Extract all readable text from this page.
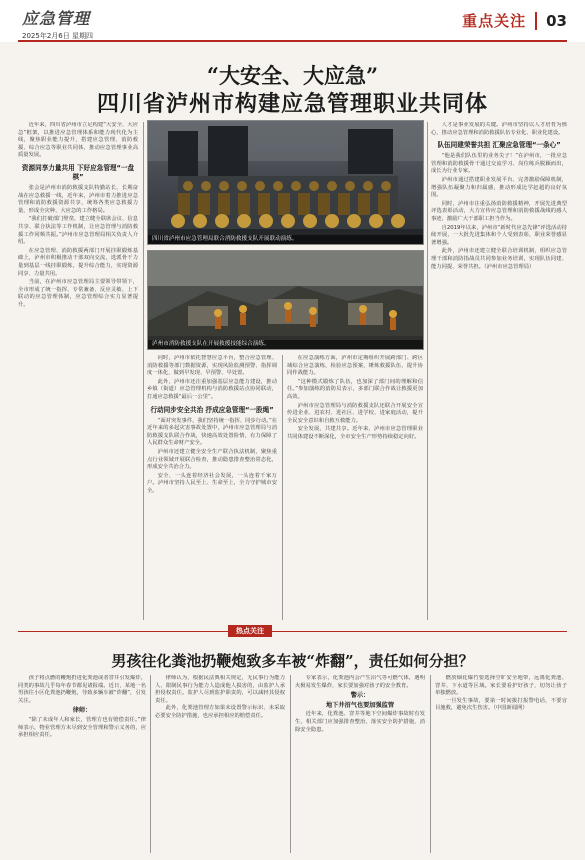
应急管理
2025年2月6日 星期四
重点关注 03
“大安全、大应急”
四川省泸州市构建应急管理职业共同体

近年来，四川省泸州市立足构建“大安全、大应急”框架，以推进应急管理体系和能力现代化为主线，聚焦职业能力提升，搭建应急管理、消防救援、综合应急等职业共同体，推动应急管理事业高质量发展。

资源同享力量共用 下好应急管理“一盘棋”

张会是泸州市消防救援支队特勤站长，长期奋战在应急救援一线，近年来，泸州市着力推进应急管理和消防救援资源共享，统筹各类应急救援力量，形成全灾种、大应急的工作格局。

“我们打破部门壁垒，建立健全联席会议、信息共享、联合执法等工作机制，让应急管理与消防救援工作同频共振。”泸州市应急管理局相关负责人介绍。

在应急管理、消防救援两部门开展挂职锻炼基础上，泸州市积极推动干部双向交流，选派骨干力量到基层一线挂职锻炼，提升综合能力，实现资源同享、力量共用。

当前，在泸州市应急管理局主要领导带领下，全市形成了统一指挥、专常兼备、反应灵敏、上下联动的应急管理体制，应急管理综合实力显著提升。

四川省泸州市应急管理局联合消防救援支队开展联动演练。

人才是事业发展的关键。泸州市坚持以人才培育为核心，推动应急管理和消防救援队伍专业化、职业化建设。

队伍同建荣誉共担 汇聚应急管理“一条心”

“他是我们队伍里的业务尖子！”在泸州市，一批应急管理和消防救援骨干通过交流学习、岗位练兵脱颖而出，成长为行业专家。

泸州市通过搭建职业发展平台、完善激励保障机制，增强队伍凝聚力和归属感，推动形成比学赶超的良好氛围。

同时，泸州市注重弘扬消防救援精神，开展先进典型评选表彰活动，大力宣传应急管理和消防救援战线的感人事迹，激励广大干部职工担当作为。

自2019年以来，泸州市“新时代应急先锋”评选活动持续开展，一大批先进集体和个人受到表彰，职业荣誉感显著增强。

此外，泸州市还建立健全联合培训机制，组织应急管理干部和消防指战员共同参加业务培训，实现队伍同建、能力同提、荣誉共担。（泸州市应急管理局）

泸州市消防救援支队在开展救援技能综合演练。

同时，泸州市依托智慧应急平台，整合应急管理、消防救援等部门数据资源，实现风险监测预警、指挥调度一体化，做到早发现、早预警、早处置。

此外，泸州市还注重加强基层应急能力建设，推动乡镇（街道）应急管理机构与消防救援站点协同联动，打通应急救援“最后一公里”。

行动同步安全共治 抒成应急管理“一股绳”

“面对突发事件，我们坚持统一指挥、同步行动。”在近年来的多起灾害事故处置中，泸州市应急管理局与消防救援支队联合作战，快速高效处置险情，有力保障了人民群众生命财产安全。

泸州市还建立健全安全生产联合执法机制，聚焦重点行业领域开展联合检查，推动隐患排查整治常态化，形成安全共治合力。

安全，一头连着经济社会发展，一头连着千家万户。泸州市坚持人民至上、生命至上，全力守护城市安全。

在应急演练方面，泸州市定期组织开展跨部门、跨区域综合应急演练，检验应急预案，锤炼救援队伍，提升协同作战能力。

“这种模式锻炼了队伍，也加深了部门间的理解和信任。”参加演练的消防员表示，多部门联合作战让救援更加高效。

泸州市应急管理局与消防救援支队还联合开展安全宣传进企业、进农村、进社区、进学校、进家庭活动，提升全民安全意识和自救互救能力。

安全发展，共建共享。近年来，泸州市应急管理职业共同体建设不断深化，全市安全生产形势持续稳定向好。

热点关注
男孩往化粪池扔鞭炮致多车被“炸翻”，责任如何分担？

孩子将点燃的鞭炮扔进化粪池或者窨井引发爆炸，同类的事故几乎每年春节都见诸报端。近日，某地一名男孩往小区化粪池扔鞭炮，导致多辆车被“炸翻”，引发关注。

律师：

“除了未成年人和家长，管理方也有赔偿责任。”律师表示，物业管理方未尽到安全管理和警示义务的，应承担相应责任。

律师认为，根据民法典相关规定，无民事行为能力人、限制民事行为能力人造成他人损害的，由监护人承担侵权责任。监护人尽到监护职责的，可以减轻其侵权责任。

此外，化粪池管理方如果未设置警示标识、未采取必要安全防护措施，也应承担相应的赔偿责任。

专家表示，化粪池内会产生沼气等可燃气体，遇明火极易发生爆炸，家长要加强对孩子的安全教育。

警示：
地下井沼气也要加强监管

近年来，化粪池、窨井等地下空间爆炸事故时有发生，相关部门应加强排查整治，落实安全防护措施，消除安全隐患。

燃放烟花爆竹要选择空旷安全地带，远离化粪池、窨井、下水道等区域。家长要看护好孩子，切勿让孩子单独燃放。

一旦发生事故，要第一时间拨打报警电话，不要盲目施救，避免次生伤害。（中国新闻网）
